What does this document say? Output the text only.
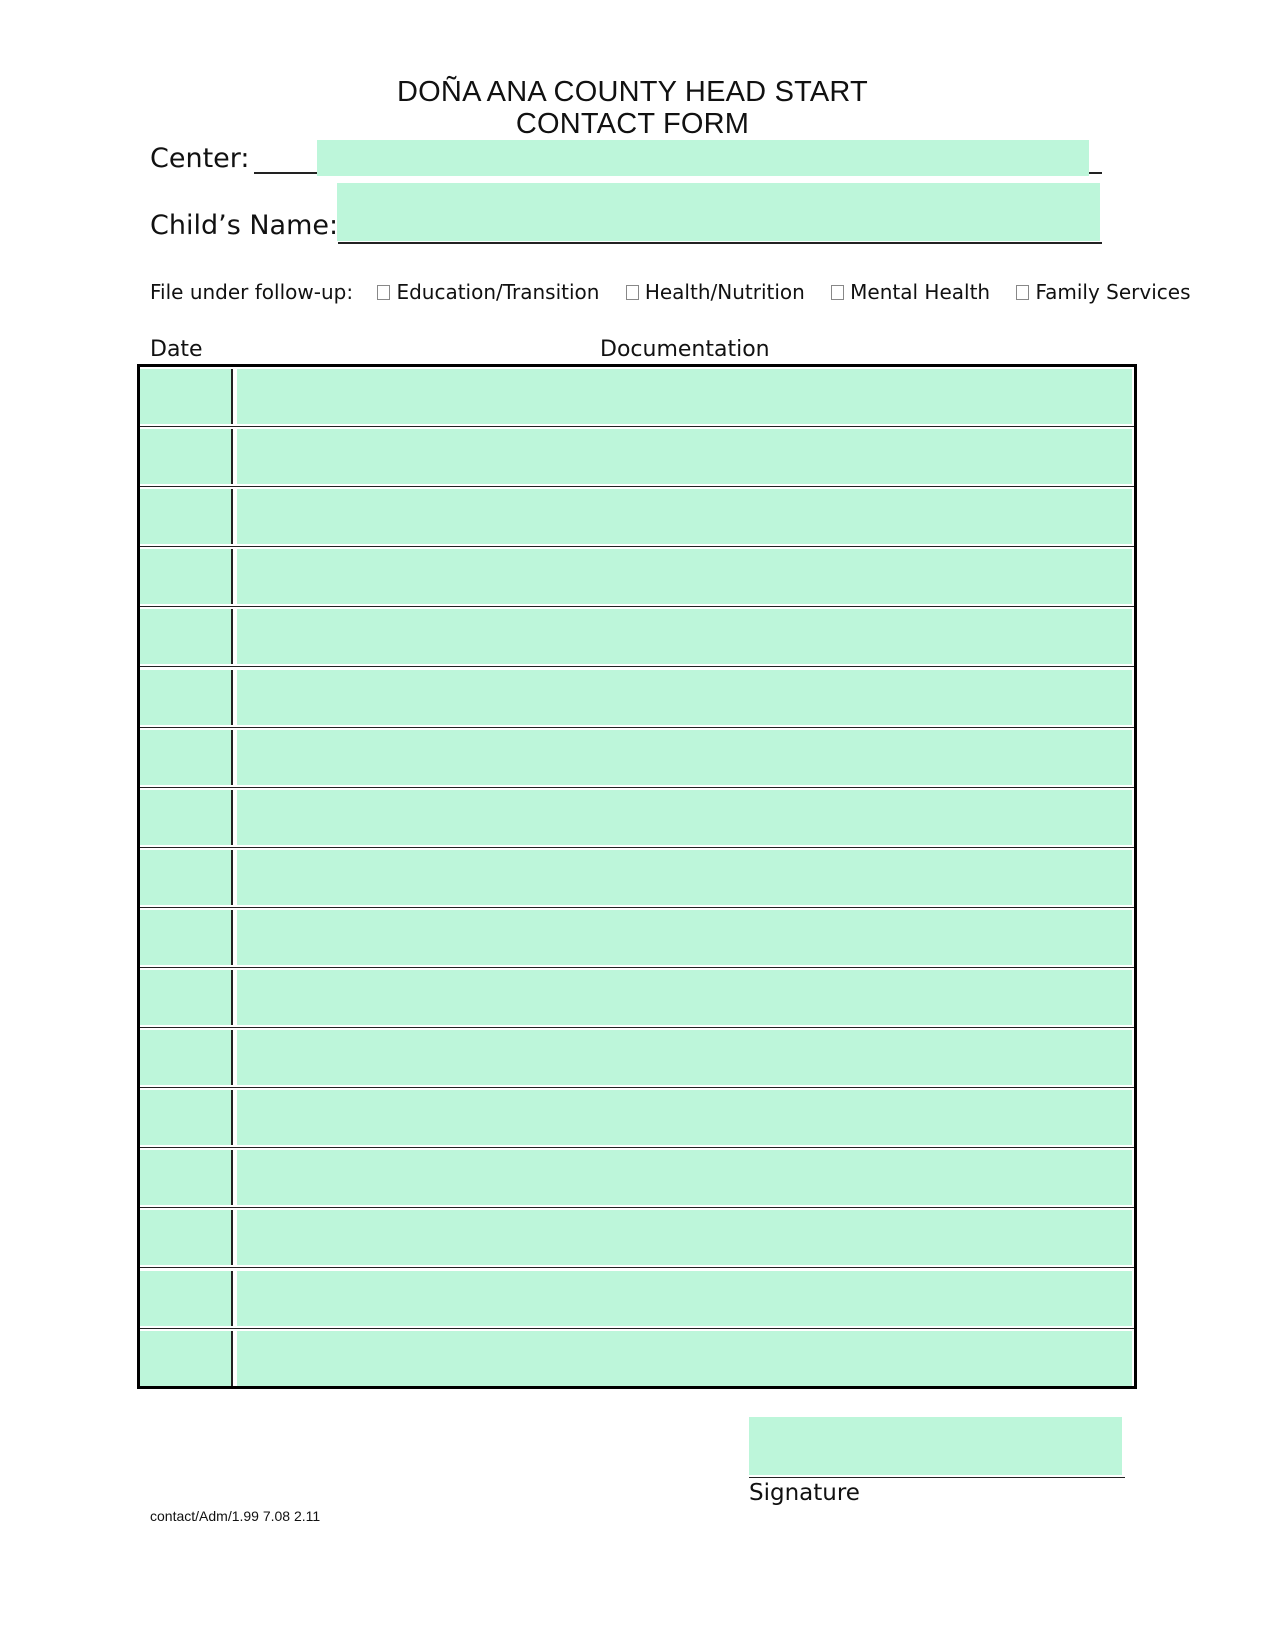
DOÑA ANA COUNTY HEAD START
CONTACT FORM
Center:
Child’s Name:
File under follow-up: Education/Transition Health/Nutrition Mental Health Family Services
Date	Documentation
Signature
contact/Adm/1.99 7.08 2.11
